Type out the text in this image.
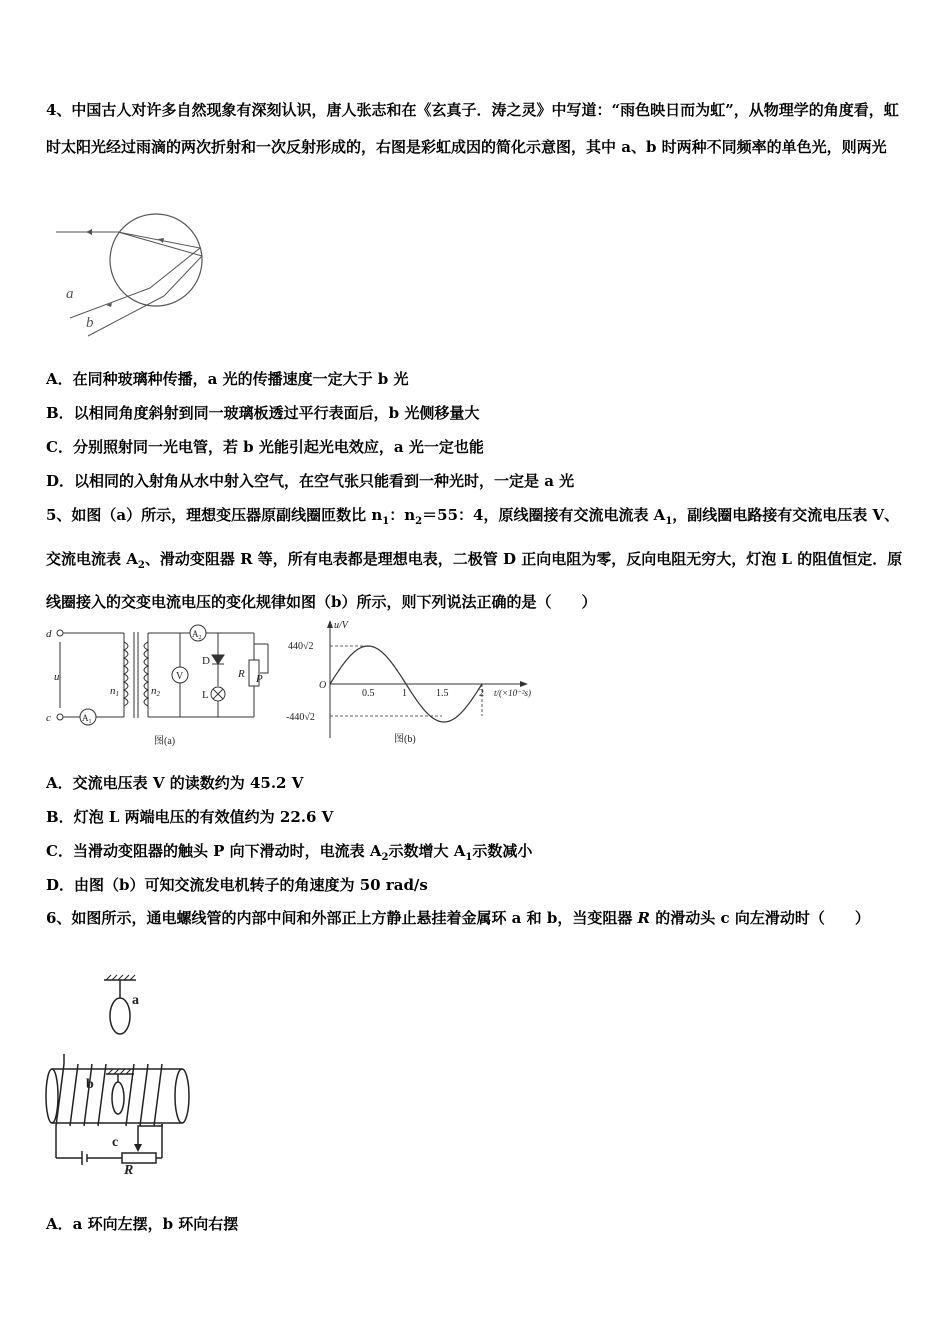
4、中国古人对许多自然现象有深刻认识，唐人张志和在《玄真子．涛之灵》中写道：“雨色映日而为虹”，从物理学的角度看，虹时太阳光经过雨滴的两次折射和一次反射形成的，右图是彩虹成因的简化示意图，其中 a、b 时两种不同频率的单色光，则两光
a
b
A．在同种玻璃种传播，a 光的传播速度一定大于 b 光
B．以相同角度斜射到同一玻璃板透过平行表面后，b 光侧移量大
C．分别照射同一光电管，若 b 光能引起光电效应，a 光一定也能
D．以相同的入射角从水中射入空气，在空气张只能看到一种光时，一定是 a 光
5、如图（a）所示，理想变压器原副线圈匝数比 $n_1$：$n_2=55$：4，原线圈接有交流电流表 $A_1$，副线圈电路接有交流电压表 V、交流电流表 $A_2$、滑动变阻器 R 等，所有电表都是理想电表，二极管 D 正向电阻为零，反向电阻无穷大，灯泡 L 的阻值恒定．原线圈接入的交变电流电压的变化规律如图（b）所示，则下列说法正确的是（　　）
d
c
u
n1	n2
$A_1$
$A_2$
V
D
L
R P
图(a)
u/V
440√2
-440√2
O
0.5	1	1.5	2 t/(×10⁻²s)
图(b)
A．交流电压表 V 的读数约为 45.2 V
B．灯泡 L 两端电压的有效值约为 22.6 V
C．当滑动变阻器的触头 P 向下滑动时，电流表 $A_2$示数增大 $A_1$示数减小
D．由图（b）可知交流发电机转子的角速度为 50 rad/s
6、如图所示，通电螺线管的内部中间和外部正上方静止悬挂着金属环 a 和 b，当变阻器 R 的滑动头 c 向左滑动时（　　）
a
b
c
R
A．a 环向左摆，b 环向右摆
